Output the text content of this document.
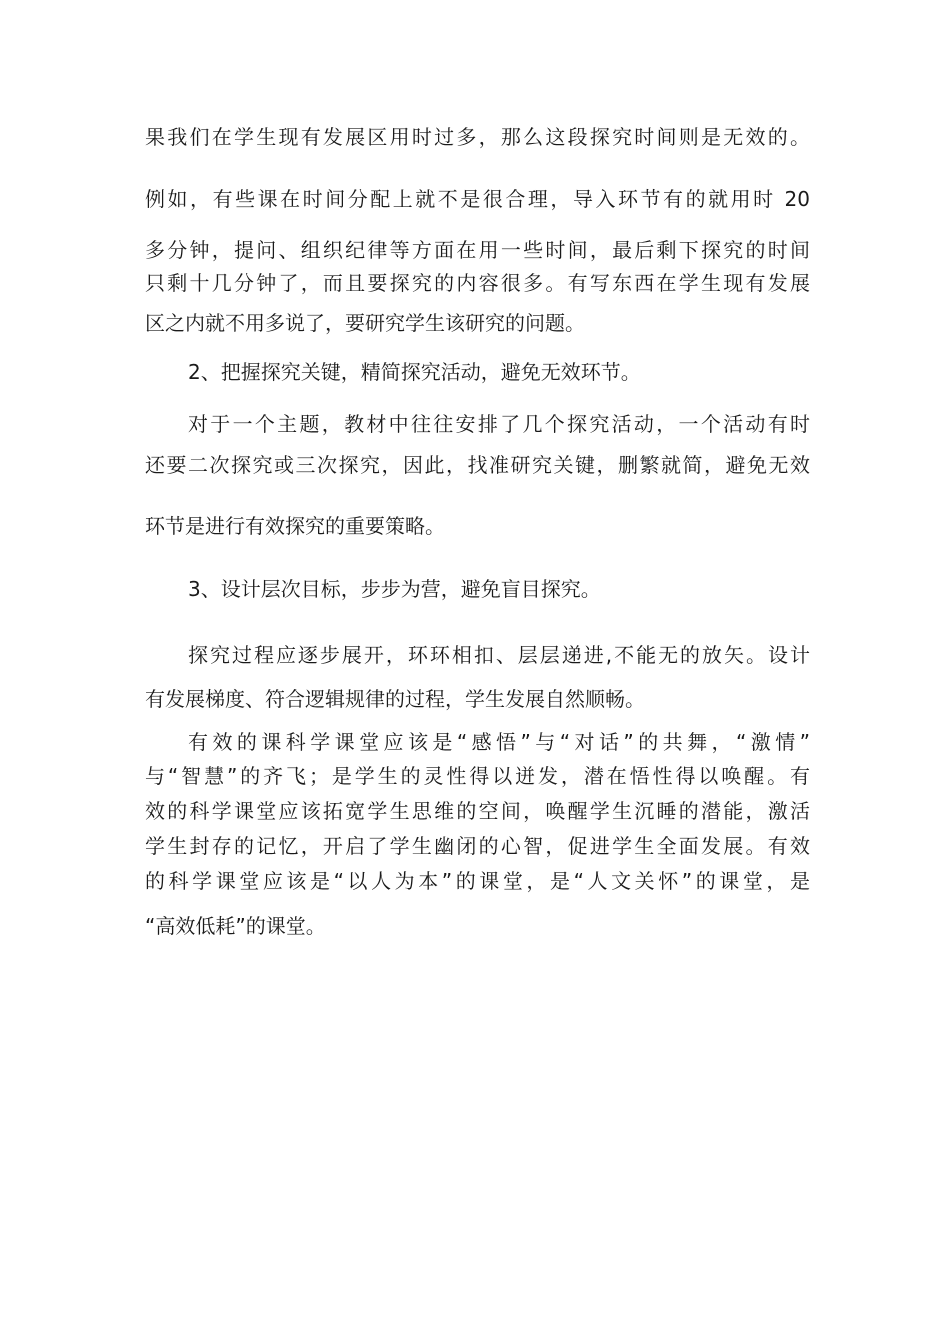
果我们在学生现有发展区用时过多，那么这段探究时间则是无效的。
例如，有些课在时间分配上就不是很合理，导入环节有的就用时 20
多分钟，提问、组织纪律等方面在用一些时间，最后剩下探究的时间
只剩十几分钟了，而且要探究的内容很多。有写东西在学生现有发展
区之内就不用多说了，要研究学生该研究的问题。
2、把握探究关键，精简探究活动，避免无效环节。
对于一个主题，教材中往往安排了几个探究活动，一个活动有时
还要二次探究或三次探究，因此，找准研究关键，删繁就简，避免无效
环节是进行有效探究的重要策略。
3、设计层次目标，步步为营，避免盲目探究。
探究过程应逐步展开，环环相扣、层层递进,不能无的放矢。设计
有发展梯度、符合逻辑规律的过程，学生发展自然顺畅。
有效的课科学课堂应该是“感悟”与“对话”的共舞，“激情”
与“智慧”的齐飞；是学生的灵性得以迸发，潜在悟性得以唤醒。有
效的科学课堂应该拓宽学生思维的空间，唤醒学生沉睡的潜能，激活
学生封存的记忆，开启了学生幽闭的心智，促进学生全面发展。有效
的科学课堂应该是“以人为本”的课堂，是“人文关怀”的课堂，是
“高效低耗”的课堂。
